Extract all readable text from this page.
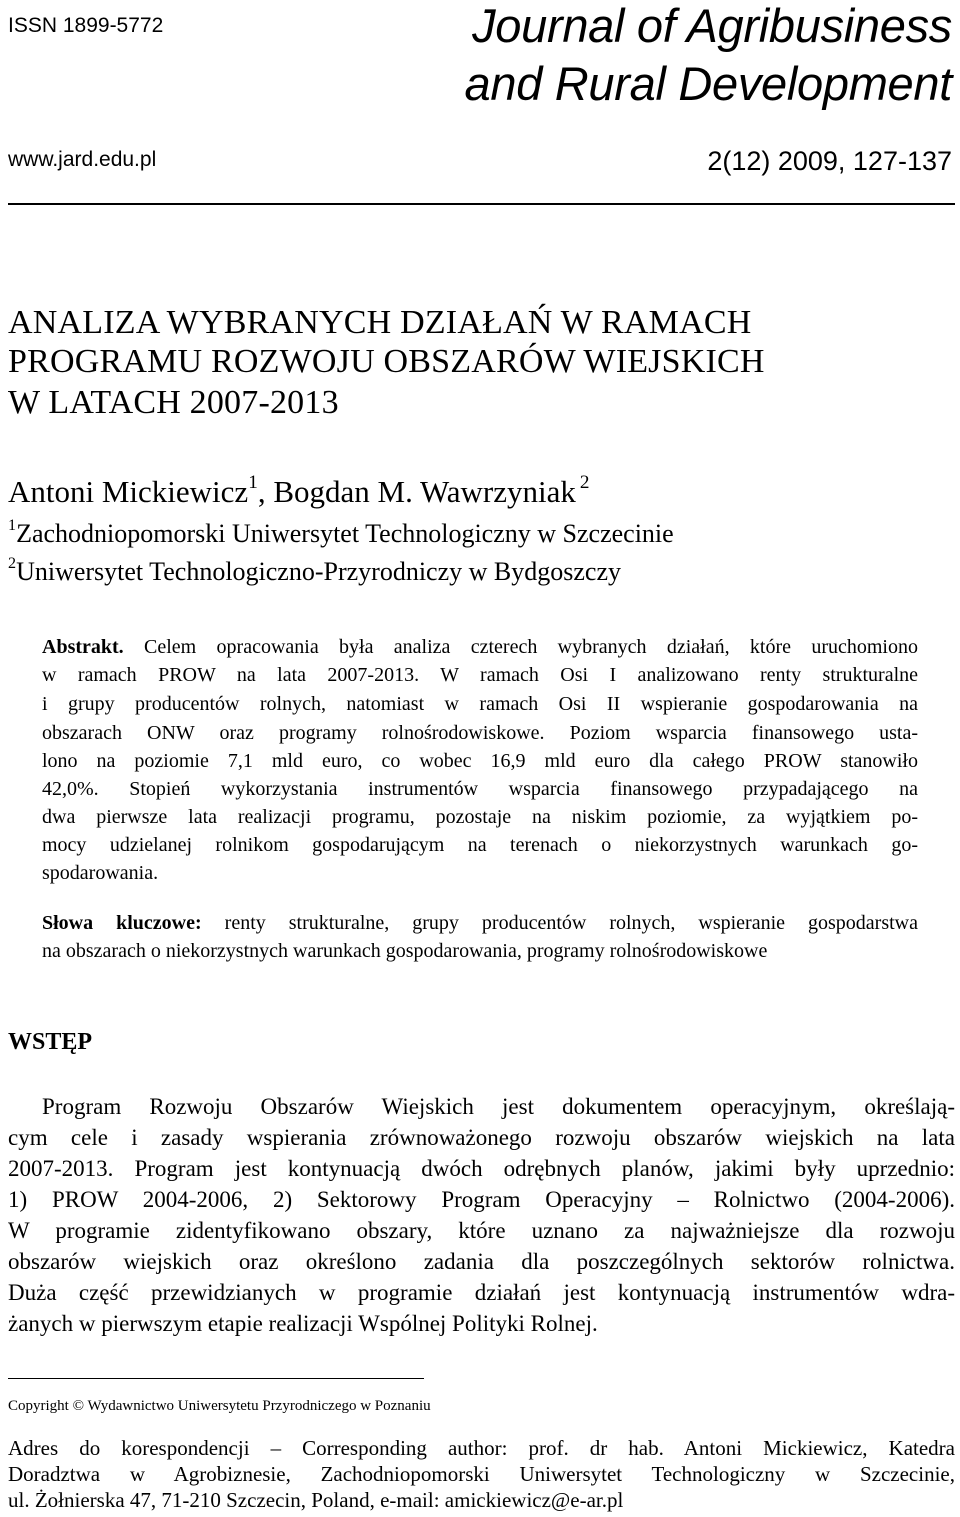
ISSN 1899-5772	Journal of Agribusiness
and Rural Development
www.jard.edu.pl	2(12) 2009, 127-137
ANALIZA WYBRANYCH DZIAŁAŃ W RAMACH
PROGRAMU ROZWOJU OBSZARÓW WIEJSKICH
W LATACH 2007-2013
Antoni Mickiewicz$^1$, Bogdan M. Wawrzyniak $^2$
$^1$Zachodniopomorski Uniwersytet Technologiczny w Szczecinie
$^2$Uniwersytet Technologiczno-Przyrodniczy w Bydgoszczy
Abstrakt. Celem opracowania była analiza czterech wybranych działań, które uruchomiono
w ramach PROW na lata 2007-2013. W ramach Osi I analizowano renty strukturalne
i grupy producentów rolnych, natomiast w ramach Osi II wspieranie gospodarowania na
obszarach ONW oraz programy rolnośrodowiskowe. Poziom wsparcia finansowego usta-
lono na poziomie 7,1 mld euro, co wobec 16,9 mld euro dla całego PROW stanowiło
42,0%. Stopień wykorzystania instrumentów wsparcia finansowego przypadającego na
dwa pierwsze lata realizacji programu, pozostaje na niskim poziomie, za wyjątkiem po-
mocy udzielanej rolnikom gospodarującym na terenach o niekorzystnych warunkach go-
spodarowania.
Słowa kluczowe: renty strukturalne, grupy producentów rolnych, wspieranie gospodarstwa
na obszarach o niekorzystnych warunkach gospodarowania, programy rolnośrodowiskowe
WSTĘP
Program Rozwoju Obszarów Wiejskich jest dokumentem operacyjnym, określają-
cym cele i zasady wspierania zrównoważonego rozwoju obszarów wiejskich na lata
2007-2013. Program jest kontynuacją dwóch odrębnych planów, jakimi były uprzednio:
1) PROW 2004-2006, 2) Sektorowy Program Operacyjny – Rolnictwo (2004-2006).
W programie zidentyfikowano obszary, które uznano za najważniejsze dla rozwoju
obszarów wiejskich oraz określono zadania dla poszczególnych sektorów rolnictwa.
Duża część przewidzianych w programie działań jest kontynuacją instrumentów wdra-
żanych w pierwszym etapie realizacji Wspólnej Polityki Rolnej.
Copyright © Wydawnictwo Uniwersytetu Przyrodniczego w Poznaniu
Adres do korespondencji – Corresponding author: prof. dr hab. Antoni Mickiewicz, Katedra
Doradztwa w Agrobiznesie, Zachodniopomorski Uniwersytet Technologiczny w Szczecinie,
ul. Żołnierska 47, 71-210 Szczecin, Poland, e-mail: amickiewicz@e-ar.pl
